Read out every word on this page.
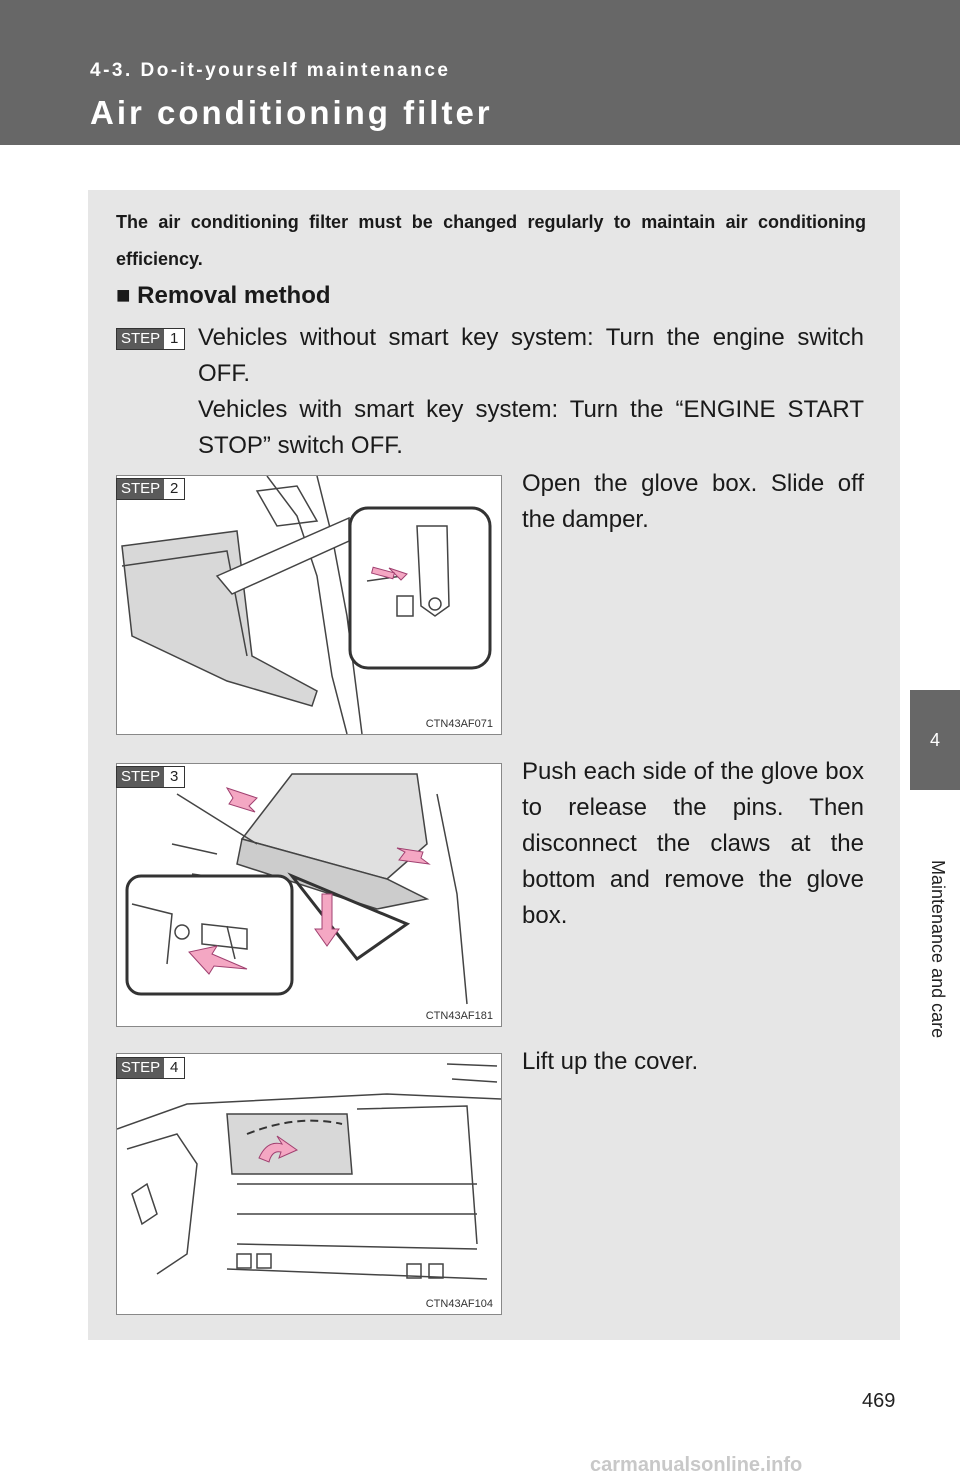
4-3. Do-it-yourself maintenance
Air conditioning filter
4
Maintenance and care
The air conditioning filter must be changed regularly to maintain air conditioning efficiency.
■ Removal method
STEP 1 Vehicles without smart key system: Turn the engine switch OFF.
Vehicles with smart key system: Turn the “ENGINE START STOP” switch OFF.
CTN43AF071
STEP 2	Open the glove box. Slide off the damper.
CTN43AF181
STEP 3	Push each side of the glove box to release the pins. Then disconnect the claws at the bottom and remove the glove box.
CTN43AF104
STEP 4	Lift up the cover.
469
carmanualsonline.info
